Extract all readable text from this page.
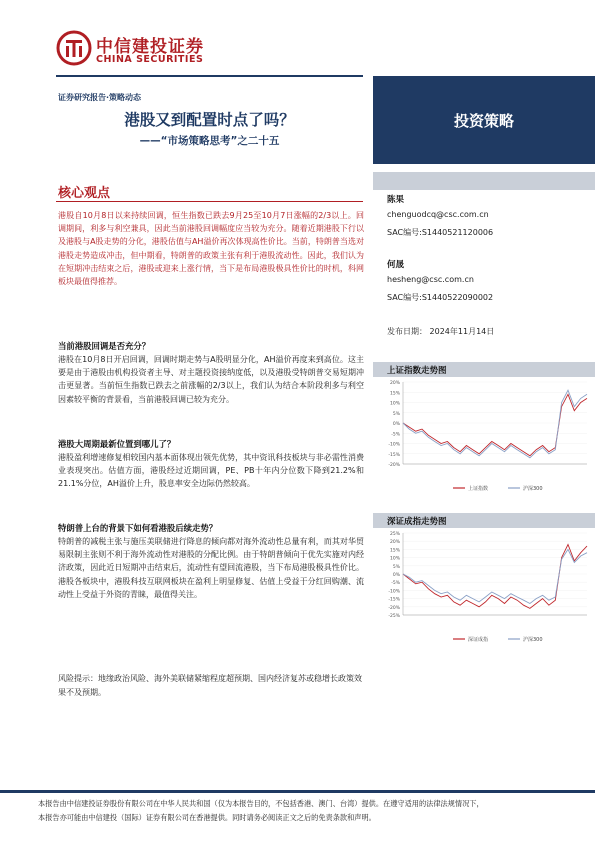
中信建投证券
CHINA SECURITIES
证券研究报告·策略动态
港股又到配置时点了吗？
——“市场策略思考”之二十五
投资策略
核心观点
港股自10月8日以来持续回调，恒生指数已跌去9月25至10月7日涨幅的2/3以上。回调期间，利多与利空兼具，因此当前港股回调幅度应当较为充分。随着近期港股下行以及港股与A股走势的分化，港股估值与AH溢价再次体现高性价比。当前，特朗普当选对港股走势造成冲击，但中期看，特朗普的政策主张有利于港股流动性。因此，我们认为在短期冲击结束之后，港股或迎来上涨行情，当下是布局港股极具性价比的时机，科网板块最值得推荐。
当前港股回调是否充分？
港股在10月8日开启回调，回调时期走势与A股明显分化，AH溢价再度来到高位。这主要是由于港股由机构投资者主导、对主题投资接纳度低，以及港股受特朗普交易短期冲击更显著。当前恒生指数已跌去之前涨幅的2/3以上，我们认为结合本阶段利多与利空因素较平衡的背景看，当前港股回调已较为充分。
港股大周期最新位置到哪儿了？
港股盈利增速修复相较国内基本面体现出领先优势，其中资讯科技板块与非必需性消费业表现突出。估值方面，港股经过近期回调，PE、PB十年内分位数下降到21.2%和21.1%分位，AH溢价上升，股息率安全边际仍然较高。
特朗普上台的背景下如何看港股后续走势？
特朗普的减税主张与施压美联储进行降息的倾向都对海外流动性总量有利，而其对华贸易限制主张则不利于海外流动性对港股的分配比例。由于特朗普倾向于优先实施对内经济政策，因此近日短期冲击结束后，流动性有望回流港股，当下布局港股极具性价比。港股各板块中，港股科技互联网板块在盈利上明显修复、估值上受益于分红回购潮、流动性上受益于外资的青睐，最值得关注。
风险提示：地缘政治风险、海外美联储紧缩程度超预期、国内经济复苏或稳增长政策效果不及预期。
陈果
chenguodcq@csc.com.cn
SAC编号:S1440521120006
何晟
hesheng@csc.com.cn
SAC编号:S1440522090002
发布日期： 2024年11月14日
上证指数走势图
20%
15%
10%
5%
0%
-5%
-10%
-15%
-20%
上证指数	沪深300
深证成指走势图
25%
20%
15%
10%
5%
0%
-5%
-10%
-15%
-20%
-25%
深证成指	沪深300
本报告由中信建投证券股份有限公司在中华人民共和国（仅为本报告目的，不包括香港、澳门、台湾）提供。在遵守适用的法律法规情况下，
本报告亦可能由中信建投（国际）证券有限公司在香港提供。同时请务必阅读正文之后的免责条款和声明。
